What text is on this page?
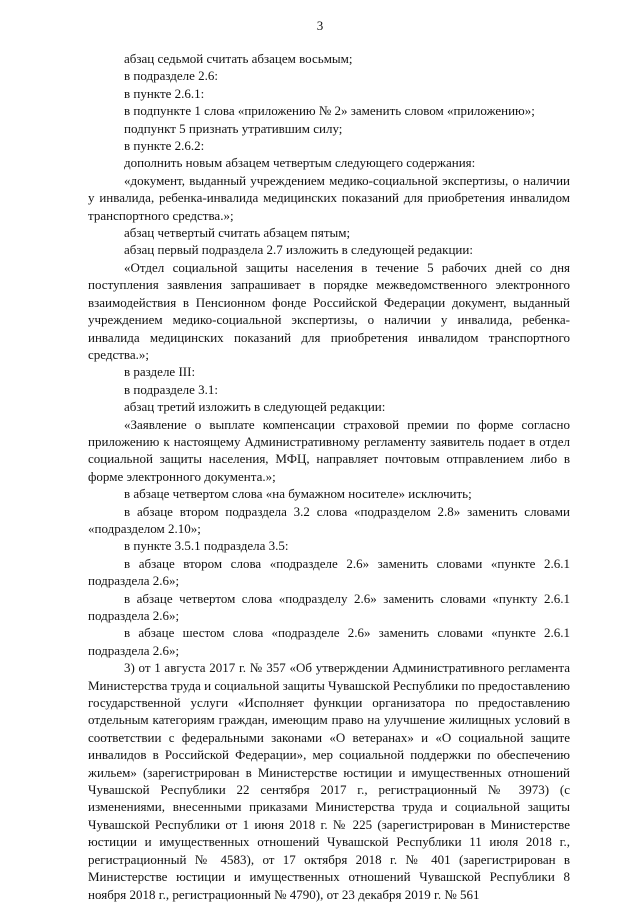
3

абзац седьмой считать абзацем восьмым;

в подразделе 2.6:

в пункте 2.6.1:

в подпункте 1 слова «приложению № 2» заменить словом «приложению»;

подпункт 5 признать утратившим силу;

в пункте 2.6.2:

дополнить новым абзацем четвертым следующего содержания:

«документ, выданный учреждением медико-социальной экспертизы, о наличии у инвалида, ребенка-инвалида медицинских показаний для приобретения инвалидом транспортного средства.»;

абзац четвертый считать абзацем пятым;

абзац первый подраздела 2.7 изложить в следующей редакции:

«Отдел социальной защиты населения в течение 5 рабочих дней со дня поступления заявления запрашивает в порядке межведомственного электронного взаимодействия в Пенсионном фонде Российской Федерации документ, выданный учреждением медико-социальной экспертизы, о наличии у инвалида, ребенка-инвалида медицинских показаний для приобретения инвалидом транспортного средства.»;

в разделе III:

в подразделе 3.1:

абзац третий изложить в следующей редакции:

«Заявление о выплате компенсации страховой премии по форме согласно приложению к настоящему Административному регламенту заявитель подает в отдел социальной защиты населения, МФЦ, направляет почтовым отправлением либо в форме электронного документа.»;

в абзаце четвертом слова «на бумажном носителе» исключить;

в абзаце втором подраздела 3.2 слова «подразделом 2.8» заменить словами «подразделом 2.10»;

в пункте 3.5.1 подраздела 3.5:

в абзаце втором слова «подразделе 2.6» заменить словами «пункте 2.6.1 подраздела 2.6»;

в абзаце четвертом слова «подразделу 2.6» заменить словами «пункту 2.6.1 подраздела 2.6»;

в абзаце шестом слова «подразделе 2.6» заменить словами «пункте 2.6.1 подраздела 2.6»;

3) от 1 августа 2017 г. № 357 «Об утверждении Административного регламента Министерства труда и социальной защиты Чувашской Республики по предоставлению государственной услуги «Исполняет функции организатора по предоставлению отдельным категориям граждан, имеющим право на улучшение жилищных условий в соответствии с федеральными законами «О ветеранах» и «О социальной защите инвалидов в Российской Федерации», мер социальной поддержки по обеспечению жильем» (зарегистрирован в Министерстве юстиции и имущественных отношений Чувашской Республики 22 сентября 2017 г., регистрационный № 3973) (с изменениями, внесенными приказами Министерства труда и социальной защиты Чувашской Республики от 1 июня 2018 г. № 225 (зарегистрирован в Министерстве юстиции и имущественных отношений Чувашской Республики 11 июля 2018 г., регистрационный № 4583), от 17 октября 2018 г. № 401 (зарегистрирован в Министерстве юстиции и имущественных отношений Чувашской Республики 8 ноября 2018 г., регистрационный № 4790), от 23 декабря 2019 г. № 561
